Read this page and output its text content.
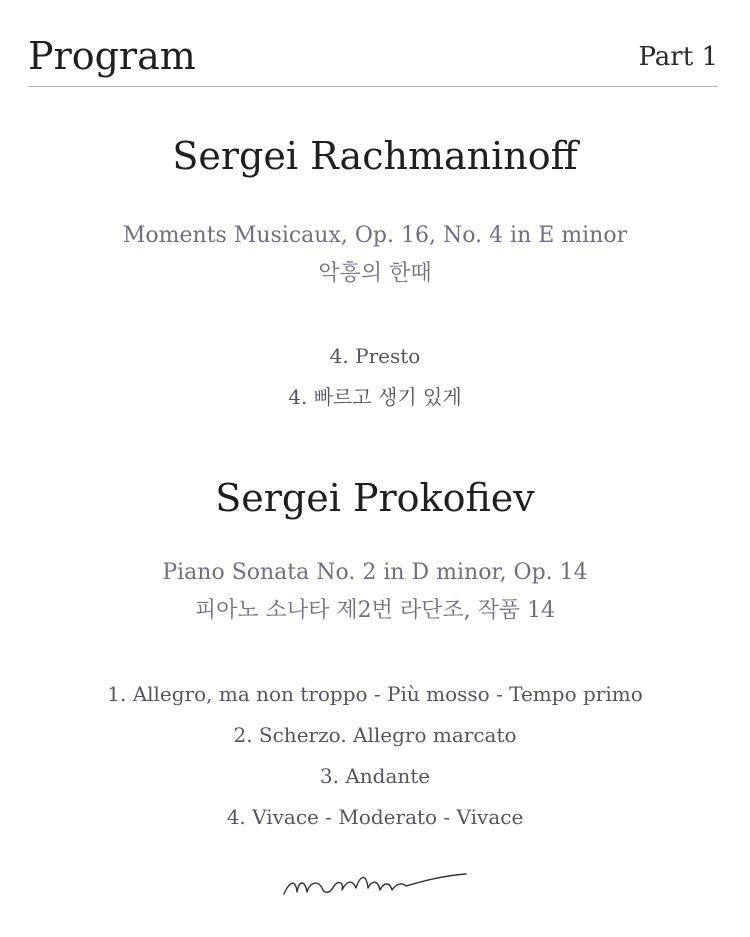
Program	Part 1
Sergei Rachmaninoff
Moments Musicaux, Op. 16, No. 4 in E minor
악흥의 한때
4. Presto
4. 빠르고 생기 있게
Sergei Prokofiev
Piano Sonata No. 2 in D minor, Op. 14
피아노 소나타 제2번 라단조, 작품 14
1. Allegro, ma non troppo - Più mosso - Tempo primo
2. Scherzo. Allegro marcato
3. Andante
4. Vivace - Moderato - Vivace
